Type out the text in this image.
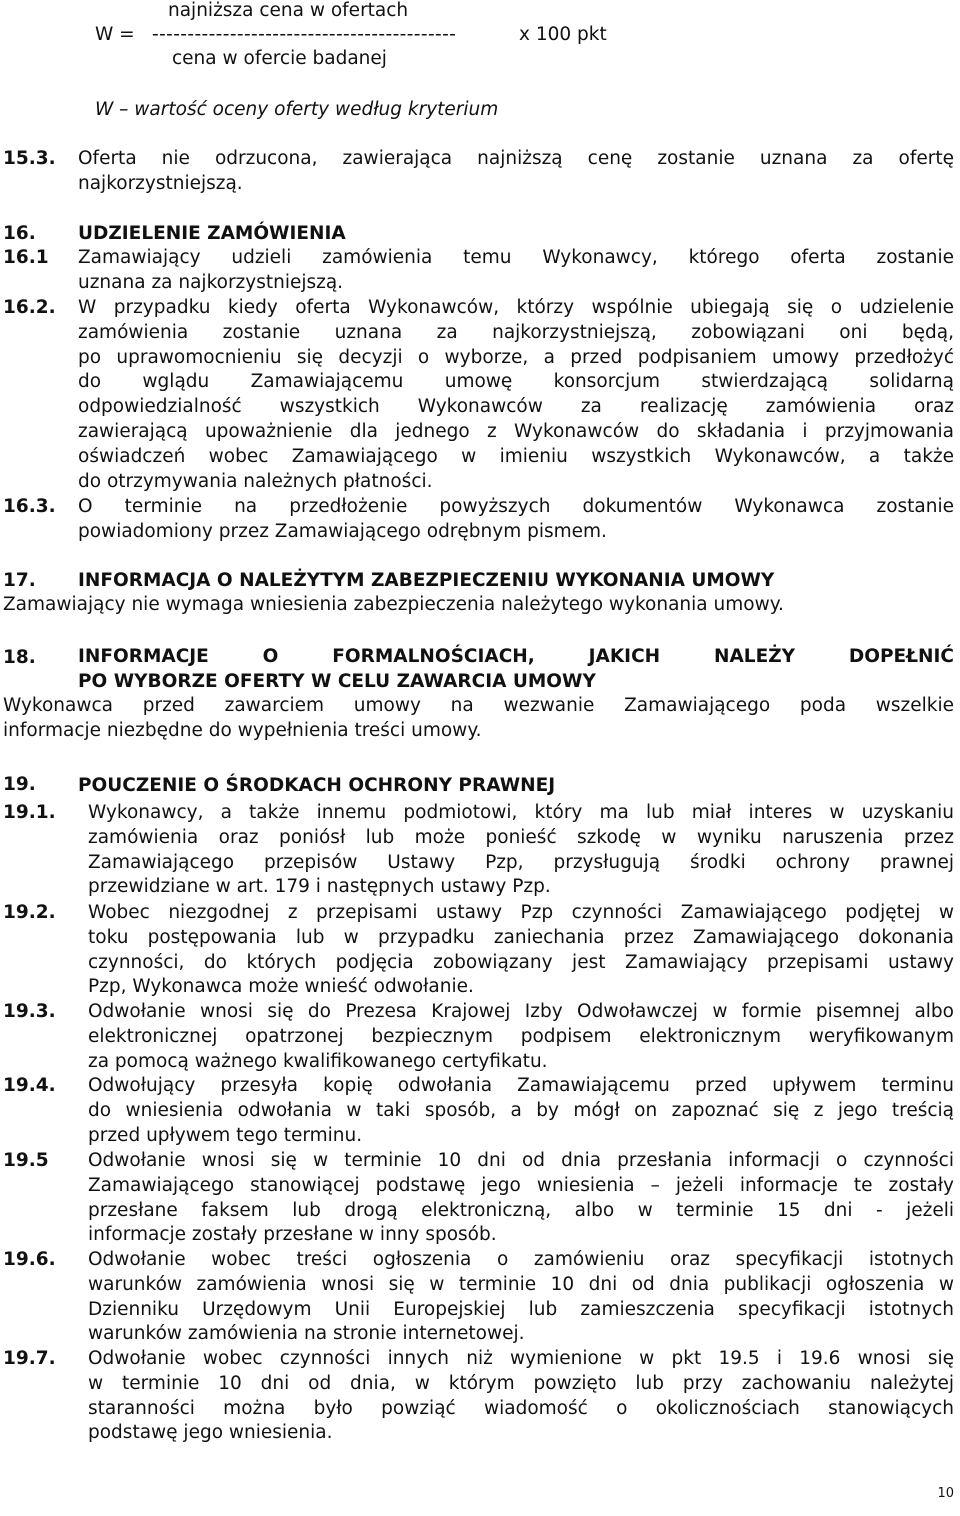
najniższa cena w ofertach
W = -------------------------------------------	x 100 pkt
cena w ofercie badanej
W – wartość oceny oferty według kryterium
15.3. Oferta nie odrzucona, zawierająca najniższą cenę zostanie uznana za ofertę
najkorzystniejszą.
16. UDZIELENIE ZAMÓWIENIA
16.1 Zamawiający udzieli zamówienia temu Wykonawcy, którego oferta zostanie
uznana za najkorzystniejszą.
16.2. W przypadku kiedy oferta Wykonawców, którzy wspólnie ubiegają się o udzielenie
zamówienia zostanie uznana za najkorzystniejszą, zobowiązani oni będą,
po uprawomocnieniu się decyzji o wyborze, a przed podpisaniem umowy przedłożyć
do wglądu Zamawiającemu umowę konsorcjum stwierdzającą solidarną
odpowiedzialność wszystkich Wykonawców za realizację zamówienia oraz
zawierającą upoważnienie dla jednego z Wykonawców do składania i przyjmowania
oświadczeń wobec Zamawiającego w imieniu wszystkich Wykonawców, a także
do otrzymywania należnych płatności.
16.3. O terminie na przedłożenie powyższych dokumentów Wykonawca zostanie
powiadomiony przez Zamawiającego odrębnym pismem.
17. INFORMACJA O NALEŻYTYM ZABEZPIECZENIU WYKONANIA UMOWY
Zamawiający nie wymaga wniesienia zabezpieczenia należytego wykonania umowy.
18. INFORMACJE O FORMALNOŚCIACH, JAKICH NALEŻY DOPEŁNIĆ
PO WYBORZE OFERTY W CELU ZAWARCIA UMOWY
Wykonawca przed zawarciem umowy na wezwanie Zamawiającego poda wszelkie
informacje niezbędne do wypełnienia treści umowy.
19. POUCZENIE O ŚRODKACH OCHRONY PRAWNEJ
19.1. Wykonawcy, a także innemu podmiotowi, który ma lub miał interes w uzyskaniu
zamówienia oraz poniósł lub może ponieść szkodę w wyniku naruszenia przez
Zamawiającego przepisów Ustawy Pzp, przysługują środki ochrony prawnej
przewidziane w art. 179 i następnych ustawy Pzp.
19.2. Wobec niezgodnej z przepisami ustawy Pzp czynności Zamawiającego podjętej w
toku postępowania lub w przypadku zaniechania przez Zamawiającego dokonania
czynności, do których podjęcia zobowiązany jest Zamawiający przepisami ustawy
Pzp, Wykonawca może wnieść odwołanie.
19.3. Odwołanie wnosi się do Prezesa Krajowej Izby Odwoławczej w formie pisemnej albo
elektronicznej opatrzonej bezpiecznym podpisem elektronicznym weryfikowanym
za pomocą ważnego kwalifikowanego certyfikatu.
19.4. Odwołujący przesyła kopię odwołania Zamawiającemu przed upływem terminu
do wniesienia odwołania w taki sposób, a by mógł on zapoznać się z jego treścią
przed upływem tego terminu.
19.5 Odwołanie wnosi się w terminie 10 dni od dnia przesłania informacji o czynności
Zamawiającego stanowiącej podstawę jego wniesienia – jeżeli informacje te zostały
przesłane faksem lub drogą elektroniczną, albo w terminie 15 dni - jeżeli
informacje zostały przesłane w inny sposób.
19.6. Odwołanie wobec treści ogłoszenia o zamówieniu oraz specyfikacji istotnych
warunków zamówienia wnosi się w terminie 10 dni od dnia publikacji ogłoszenia w
Dzienniku Urzędowym Unii Europejskiej lub zamieszczenia specyfikacji istotnych
warunków zamówienia na stronie internetowej.
19.7. Odwołanie wobec czynności innych niż wymienione w pkt 19.5 i 19.6 wnosi się
w terminie 10 dni od dnia, w którym powzięto lub przy zachowaniu należytej
staranności można było powziąć wiadomość o okolicznościach stanowiących
podstawę jego wniesienia.
10
